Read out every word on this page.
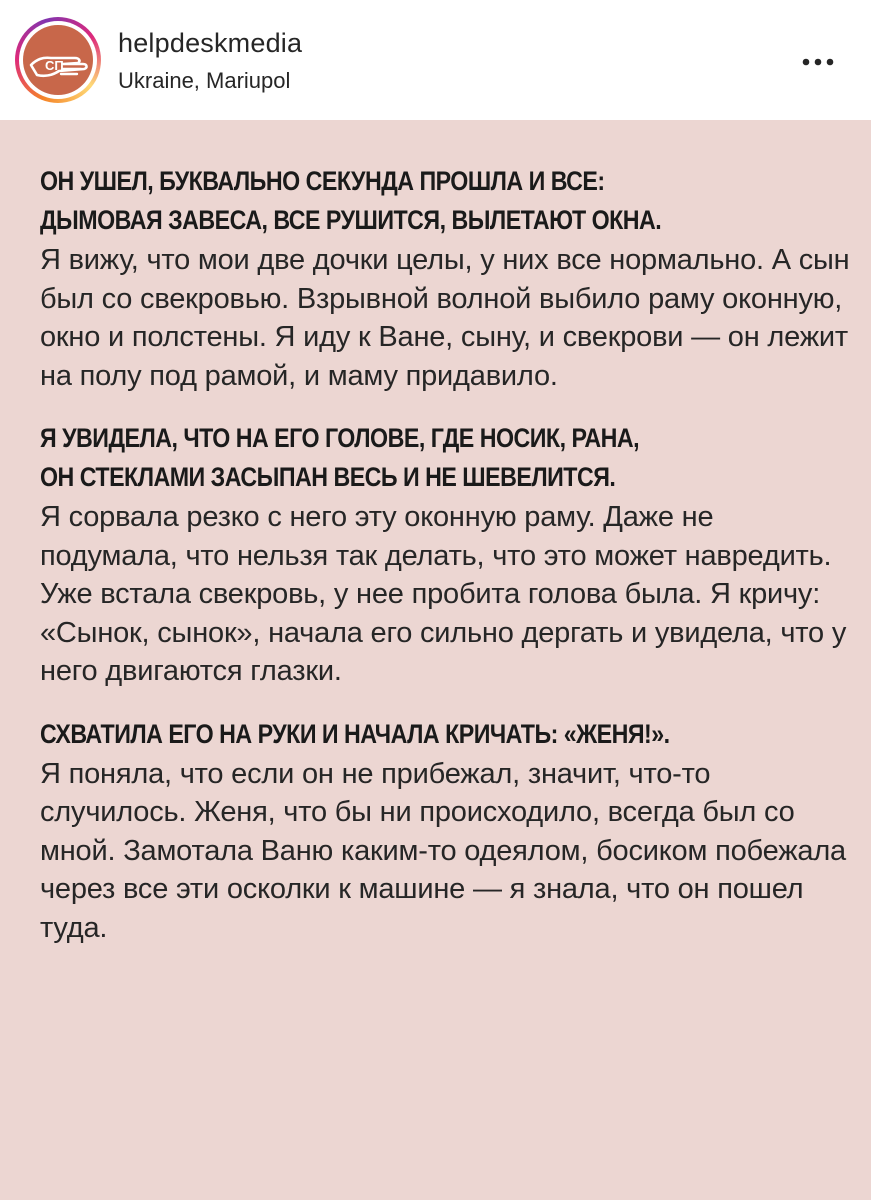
СП
helpdeskmedia
Ukraine, Mariupol
ОН УШЕЛ, БУКВАЛЬНО СЕКУНДА ПРОШЛА И ВСЕ:
ДЫМОВАЯ ЗАВЕСА, ВСЕ РУШИТСЯ, ВЫЛЕТАЮТ ОКНА.

Я вижу, что мои две дочки целы, у них все нормально. А сын был со свекровью. Взрывной волной выбило раму оконную, окно и полстены. Я иду к Ване, сыну, и свекрови — он лежит на полу под рамой, и маму придавило.

Я УВИДЕЛА, ЧТО НА ЕГО ГОЛОВЕ, ГДЕ НОСИК, РАНА,
ОН СТЕКЛАМИ ЗАСЫПАН ВЕСЬ И НЕ ШЕВЕЛИТСЯ.

Я сорвала резко с него эту оконную раму. Даже не подумала, что нельзя так делать, что это может навредить. Уже встала свекровь, у нее пробита голова была. Я кричу: «Сынок, сынок», начала его сильно дергать и увидела, что у него двигаются глазки.

СХВАТИЛА ЕГО НА РУКИ И НАЧАЛА КРИЧАТЬ: «ЖЕНЯ!».

Я поняла, что если он не прибежал, значит, что-то случилось. Женя, что бы ни происходило, всегда был со мной. Замотала Ваню каким-то одеялом, босиком побежала через все эти осколки к машине — я знала, что он пошел туда.
